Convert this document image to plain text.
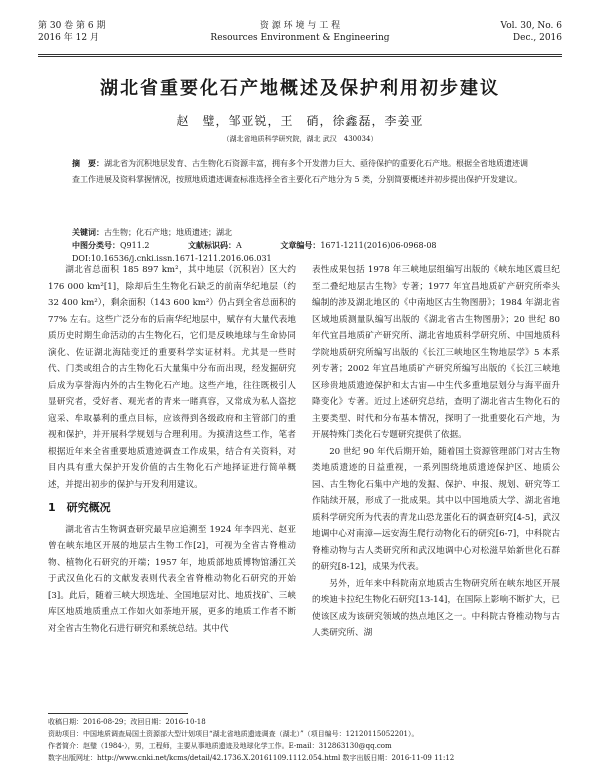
第 30 卷 第 6 期
2016 年 12 月
资 源 环 境 与 工 程
Resources Environment & Engineering
Vol. 30, No. 6
Dec., 2016
湖北省重要化石产地概述及保护利用初步建议
赵　璧，邹亚锐，王　硝，徐鑫磊，李姜亚
（湖北省地质科学研究院，湖北 武汉　430034）
摘　要：湖北省为沉积地层发育、古生物化石资源丰富，拥有多个开发潜力巨大、亟待保护的重要化石产地。根据全省地质遗迹调查工作进展及资料掌握情况，按照地质遗迹调查标准选择全省主要化石产地分为 5 类，分别简要概述并初步提出保护开发建议。
关键词：古生物；化石产地；地质遗迹；湖北
中图分类号：Q911.2	文献标识码：A	文章编号：1671-1211(2016)06-0968-08
DOI:10.16536/j.cnki.issn.1671-1211.2016.06.031

湖北省总面积 185 897 km²，其中地层（沉积岩）区大约 176 000 km²[1]，除却后生生物化石缺乏的前南华纪地层（约 32 400 km²），剩余面积（143 600 km²）仍占到全省总面积的 77% 左右。这些广泛分布的后南华纪地层中，赋存有大量代表地质历史时期生命活动的古生物化石，它们是反映地球与生命协同演化、佐证湖北海陆变迁的重要科学实证材料。尤其是一些时代、门类或组合的古生物化石大量集中分布而出现，经发掘研究后成为享誉海内外的古生物化石产地。这些产地，往往既极引人显研究者，受好者、观光者的青来一睹真容，又常成为私人盗挖寇采、牟取暴利的重点目标，应该得到各级政府和主管部门的重视和保护，并开展科学规划与合理利用。为摸清这些工作，笔者根据近年来全省重要地质遗迹调查工作成果，结合有关资料，对目内具有重大保护开发价值的古生物化石产地择证进行简单概述，并提出初步的保护与开发利用建议。

1　研究概况

湖北省古生物调查研究最早应追溯至 1924 年李四光、赵亚曾在峡东地区开展的地层古生物工作[2]，可视为全省古脊椎动物、植物化石研究的开端；1957 年，地质部地质博物馆潘江关于武汉鱼化石的文献发表则代表全省脊椎动物化石研究的开始[3]。此后，随着三峡大坝选址、全国地层对比、地质找矿、三峡库区地质地质重点工作如火如荼地开展，更多的地质工作者不断对全省古生物化石进行研究和系统总结。其中代

表性成果包括 1978 年三峡地层组编写出版的《峡东地区震旦纪至二叠纪地层古生物》专著；1977 年宜昌地质矿产研究所牵头编制的涉及湖北地区的《中南地区古生物图册》；1984 年湖北省区域地质测量队编写出版的《湖北省古生物图册》；20 世纪 80 年代宜昌地质矿产研究所、湖北省地质科学研究所、中国地质科学院地质研究所编写出版的《长江三峡地区生物地层学》5 本系列专著；2002 年宜昌地质矿产研究所编写出版的《长江三峡地区珍贵地质遗迹保护和太古宙—中生代多重地层划分与海平面升降变化》专著。近过上述研究总结，查明了湖北省古生物化石的主要类型、时代和分布基本情况，探明了一批重要化石产地，为开展特殊门类化石专题研究提供了依据。

20 世纪 90 年代后期开始，随着国土资源管理部门对古生物类地质遗迹的日益重视，一系列围绕地质遗迹保护区、地质公园、古生物化石集中产地的发掘、保护、申报、规划、研究等工作陆续开展，形成了一批成果。其中以中国地质大学、湖北省地质科学研究所为代表的青龙山恐龙蛋化石的调查研究[4-5]，武汉地调中心对南漳—远安海生爬行动物化石的研究[6-7]，中科院古脊椎动物与古人类研究所和武汉地调中心对松滋早始新世化石群的研究[8-12]，成果为代表。

另外，近年来中科院南京地质古生物研究所在峡东地区开展的埃迪卡拉纪生物化石研究[13-14]，在国际上影响不断扩大，已使该区成为该研究领域的热点地区之一。中科院古脊椎动物与古人类研究所、湖

收稿日期：2016-08-29；改回日期：2016-10-18
资助项目：中国地质调查局国土资源部大型计划项目“湖北省地质遗迹调查（湖北）”（项目编号：12120115052201）。
作者简介：赵璧（1984-），男，工程师，主要从事地质遗迹及地球化学工作。E-mail：312863130@qq.com
数字出版网址：http://www.cnki.net/kcms/detail/42.1736.X.20161109.1112.054.html 数字出版日期：2016-11-09 11:12
